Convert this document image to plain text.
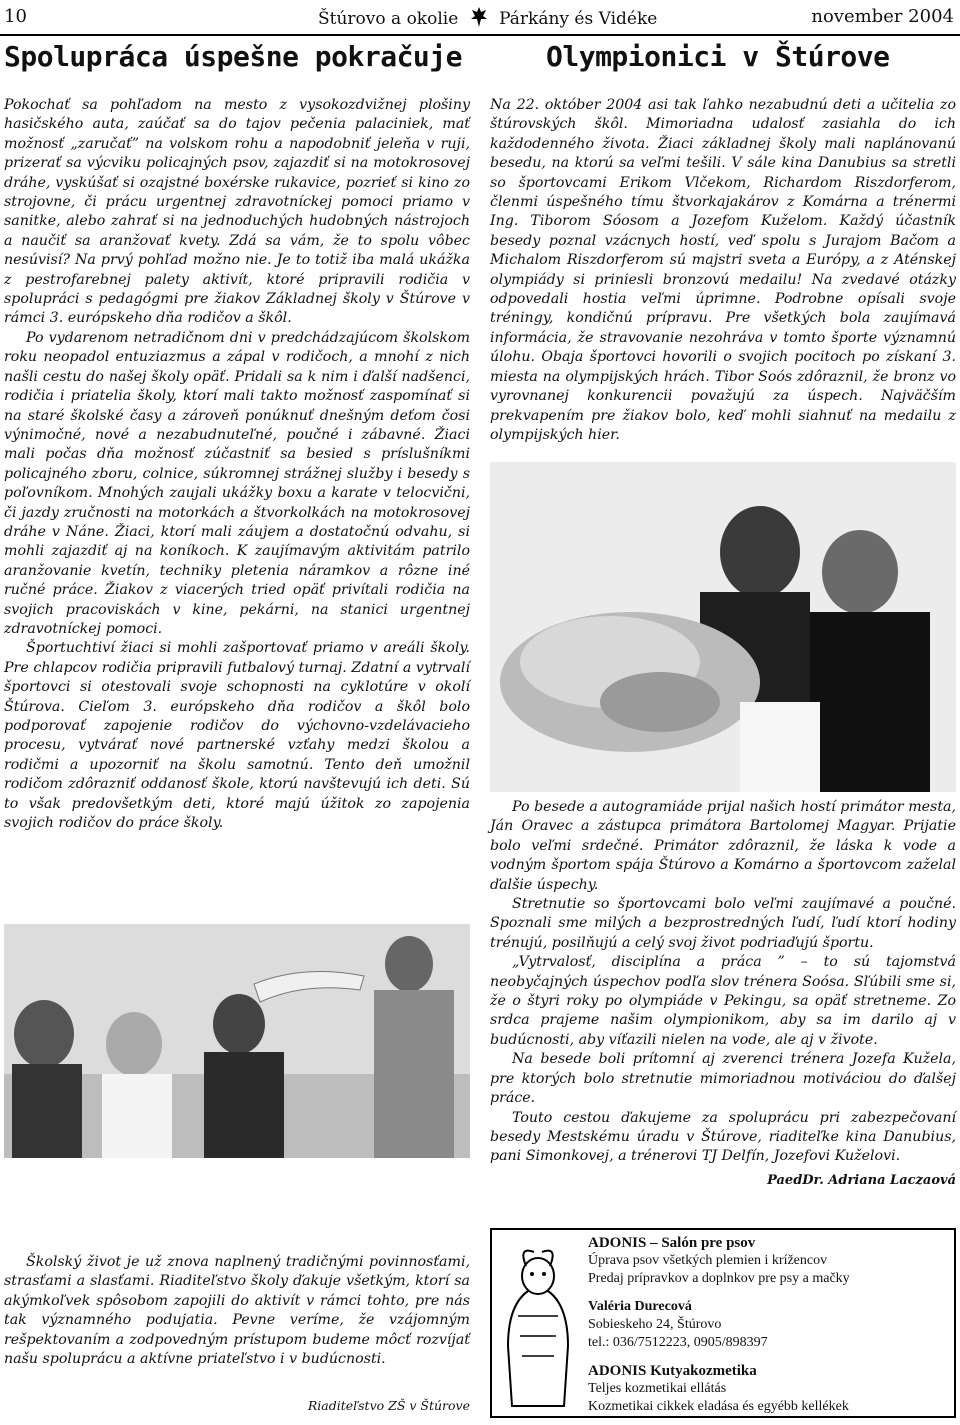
10	Štúrovo a okolie Párkány és Vidéke	november 2004
Spolupráca úspešne pokračuje	Olympionici v Štúrove

Pokochať sa pohľadom na mesto z vysokozdvižnej plošiny hasičského auta, zaúčať sa do tajov pečenia palaciniek, mať možnosť „zaručať” na volskom rohu a napodobniť jeleňa v ruji, prizerať sa výcviku policajných psov, zajazdiť si na motokrosovej dráhe, vyskúšať si ozajstné boxérske rukavice, pozrieť si kino zo strojovne, či prácu urgentnej zdravotníckej pomoci priamo v sanitke, alebo zahrať si na jednoduchých hudobných nástrojoch a naučiť sa aranžovať kvety. Zdá sa vám, že to spolu vôbec nesúvisí? Na prvý pohľad možno nie. Je to totiž iba malá ukážka z pestrofarebnej palety aktivít, ktoré pripravili rodičia v spolupráci s pedagógmi pre žiakov Základnej školy v Štúrove v rámci 3. európskeho dňa rodičov a škôl.

Po vydarenom netradičnom dni v predchádzajúcom školskom roku neopadol entuziazmus a zápal v rodičoch, a mnohí z nich našli cestu do našej školy opäť. Pridali sa k nim i ďalší nadšenci, rodičia i priatelia školy, ktorí mali takto možnosť zaspomínať si na staré školské časy a zároveň ponúknuť dnešným deťom čosi výnimočné, nové a nezabudnuteľné, poučné i zábavné. Žiaci mali počas dňa možnosť zúčastniť sa besied s príslušníkmi policajného zboru, colnice, súkromnej strážnej služby i besedy s poľovníkom. Mnohých zaujali ukážky boxu a karate v telocvični, či jazdy zručnosti na motorkách a štvorkolkách na motokrosovej dráhe v Náne. Žiaci, ktorí mali záujem a dostatočnú odvahu, si mohli zajazdiť aj na koníkoch. K zaujímavým aktivitám patrilo aranžovanie kvetín, techniky pletenia náramkov a rôzne iné ručné práce. Žiakov z viacerých tried opäť privítali rodičia na svojich pracoviskách v kine, pekárni, na stanici urgentnej zdravotníckej pomoci.

Športuchtiví žiaci si mohli zašportovať priamo v areáli školy. Pre chlapcov rodičia pripravili futbalový turnaj. Zdatní a vytrvalí športovci si otestovali svoje schopnosti na cyklotúre v okolí Štúrova. Cieľom 3. európskeho dňa rodičov a škôl bolo podporovať zapojenie rodičov do výchovno-vzdelávacieho procesu, vytvárať nové partnerské vzťahy medzi školou a rodičmi a upozorniť na školu samotnú. Tento deň umožnil rodičom zdôrazniť oddanosť škole, ktorú navštevujú ich deti. Sú to však predovšetkým deti, ktoré majú úžitok zo zapojenia svojich rodičov do práce školy.

Školský život je už znova naplnený tradičnými povinnosťami, strasťami a slasťami. Riaditeľstvo školy ďakuje všetkým, ktorí sa akýmkoľvek spôsobom zapojili do aktivít v rámci tohto, pre nás tak významného podujatia. Pevne veríme, že vzájomným rešpektovaním a zodpovedným prístupom budeme môcť rozvíjať našu spoluprácu a aktívne priateľstvo i v budúcnosti.

Riaditeľstvo ZŠ v Štúrove

Na 22. október 2004 asi tak ľahko nezabudnú deti a učitelia zo štúrovských škôl. Mimoriadna udalosť zasiahla do ich každodenného života. Žiaci základnej školy mali naplánovanú besedu, na ktorú sa veľmi tešili. V sále kina Danubius sa stretli so športovcami Erikom Vlčekom, Richardom Riszdorferom, členmi úspešného tímu štvorkajakárov z Komárna a trénermi Ing. Tiborom Sóosom a Jozefom Kuželom. Každý účastník besedy poznal vzácnych hostí, veď spolu s Jurajom Bačom a Michalom Riszdorferom sú majstri sveta a Európy, a z Aténskej olympiády si priniesli bronzovú medailu! Na zvedavé otázky odpovedali hostia veľmi úprimne. Podrobne opísali svoje tréningy, kondičnú prípravu. Pre všetkých bola zaujímavá informácia, že stravovanie nezohráva v tomto športe významnú úlohu. Obaja športovci hovorili o svojich pocitoch po získaní 3. miesta na olympijských hrách. Tibor Soós zdôraznil, že bronz vo vyrovnanej konkurencii považujú za úspech. Najväčším prekvapením pre žiakov bolo, keď mohli siahnuť na medailu z olympijských hier.

Po besede a autogramiáde prijal našich hostí primátor mesta, Ján Oravec a zástupca primátora Bartolomej Magyar. Prijatie bolo veľmi srdečné. Primátor zdôraznil, že láska k vode a vodným športom spája Štúrovo a Komárno a športovcom zaželal ďalšie úspechy.

Stretnutie so športovcami bolo veľmi zaujímavé a poučné. Spoznali sme milých a bezprostredných ľudí, ľudí ktorí hodiny trénujú, posilňujú a celý svoj život podriaďujú športu.

„Vytrvalosť, disciplína a práca ” – to sú tajomstvá neobyčajných úspechov podľa slov trénera Soósa. Sľúbili sme si, že o štyri roky po olympiáde v Pekingu, sa opäť stretneme. Zo srdca prajeme našim olympionikom, aby sa im darilo aj v budúcnosti, aby víťazili nielen na vode, ale aj v živote.

Na besede boli prítomní aj zverenci trénera Jozefa Kužela, pre ktorých bolo stretnutie mimoriadnou motiváciou do ďalšej práce.

Touto cestou ďakujeme za spoluprácu pri zabezpečovaní besedy Mestskému úradu v Štúrove, riaditeľke kina Danubius, pani Simonkovej, a trénerovi TJ Delfín, Jozefovi Kuželovi.

PaedDr. Adriana Laczaová
ADONIS – Salón pre psov
Úprava psov všetkých plemien i krížencov
Predaj prípravkov a doplnkov pre psy a mačky
Valéria Durecová
Sobieskeho 24, Štúrovo
tel.: 036/7512223, 0905/898397
ADONIS Kutyakozmetika
Teljes kozmetikai ellátás
Kozmetikai cikkek eladása és egyébb kellékek
